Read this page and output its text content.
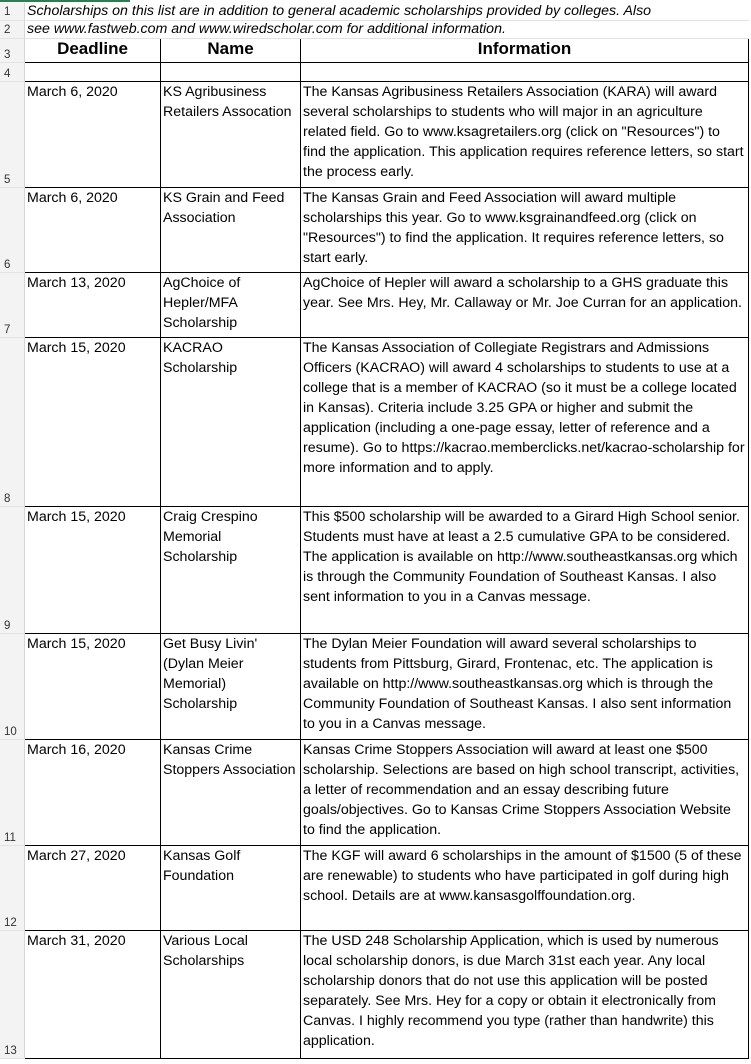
1	Scholarships on this list are in addition to general academic scholarships provided by colleges. Also		
2	see www.fastweb.com and www.wiredscholar.com for additional information.		
3	Deadline	Name	Information
4			
5	March 6, 2020	KS Agribusiness Retailers Assocation	The Kansas Agribusiness Retailers Association (KARA) will award several scholarships to students who will major in an agriculture related field. Go to www.ksagretailers.org (click on "Resources") to find the application. This application requires reference letters, so start the process early.
6	March 6, 2020	KS Grain and Feed Association	The Kansas Grain and Feed Association will award multiple scholarships this year. Go to www.ksgrainandfeed.org (click on "Resources") to find the application. It requires reference letters, so start early.
7	March 13, 2020	AgChoice of Hepler/MFA Scholarship	AgChoice of Hepler will award a scholarship to a GHS graduate this year. See Mrs. Hey, Mr. Callaway or Mr. Joe Curran for an application.
8	March 15, 2020	KACRAO Scholarship	The Kansas Association of Collegiate Registrars and Admissions Officers (KACRAO) will award 4 scholarships to students to use at a college that is a member of KACRAO (so it must be a college located in Kansas). Criteria include 3.25 GPA or higher and submit the application (including a one-page essay, letter of reference and a resume). Go to https://kacrao.memberclicks.net/kacrao-scholarship for more information and to apply.
9	March 15, 2020	Craig Crespino Memorial Scholarship	This $500 scholarship will be awarded to a Girard High School senior. Students must have at least a 2.5 cumulative GPA to be considered. The application is available on http://www.southeastkansas.org which is through the Community Foundation of Southeast Kansas. I also sent information to you in a Canvas message.
10	March 15, 2020	Get Busy Livin' (Dylan Meier Memorial) Scholarship	The Dylan Meier Foundation will award several scholarships to students from Pittsburg, Girard, Frontenac, etc. The application is available on http://www.southeastkansas.org which is through the Community Foundation of Southeast Kansas. I also sent information to you in a Canvas message.
11	March 16, 2020	Kansas Crime Stoppers Association	Kansas Crime Stoppers Association will award at least one $500 scholarship. Selections are based on high school transcript, activities, a letter of recommendation and an essay describing future goals/objectives. Go to Kansas Crime Stoppers Association Website to find the application.
12	March 27, 2020	Kansas Golf Foundation	The KGF will award 6 scholarships in the amount of $1500 (5 of these are renewable) to students who have participated in golf during high school. Details are at www.kansasgolffoundation.org.
13	March 31, 2020	Various Local Scholarships	The USD 248 Scholarship Application, which is used by numerous local scholarship donors, is due March 31st each year. Any local scholarship donors that do not use this application will be posted separately. See Mrs. Hey for a copy or obtain it electronically from Canvas. I highly recommend you type (rather than handwrite) this application.
